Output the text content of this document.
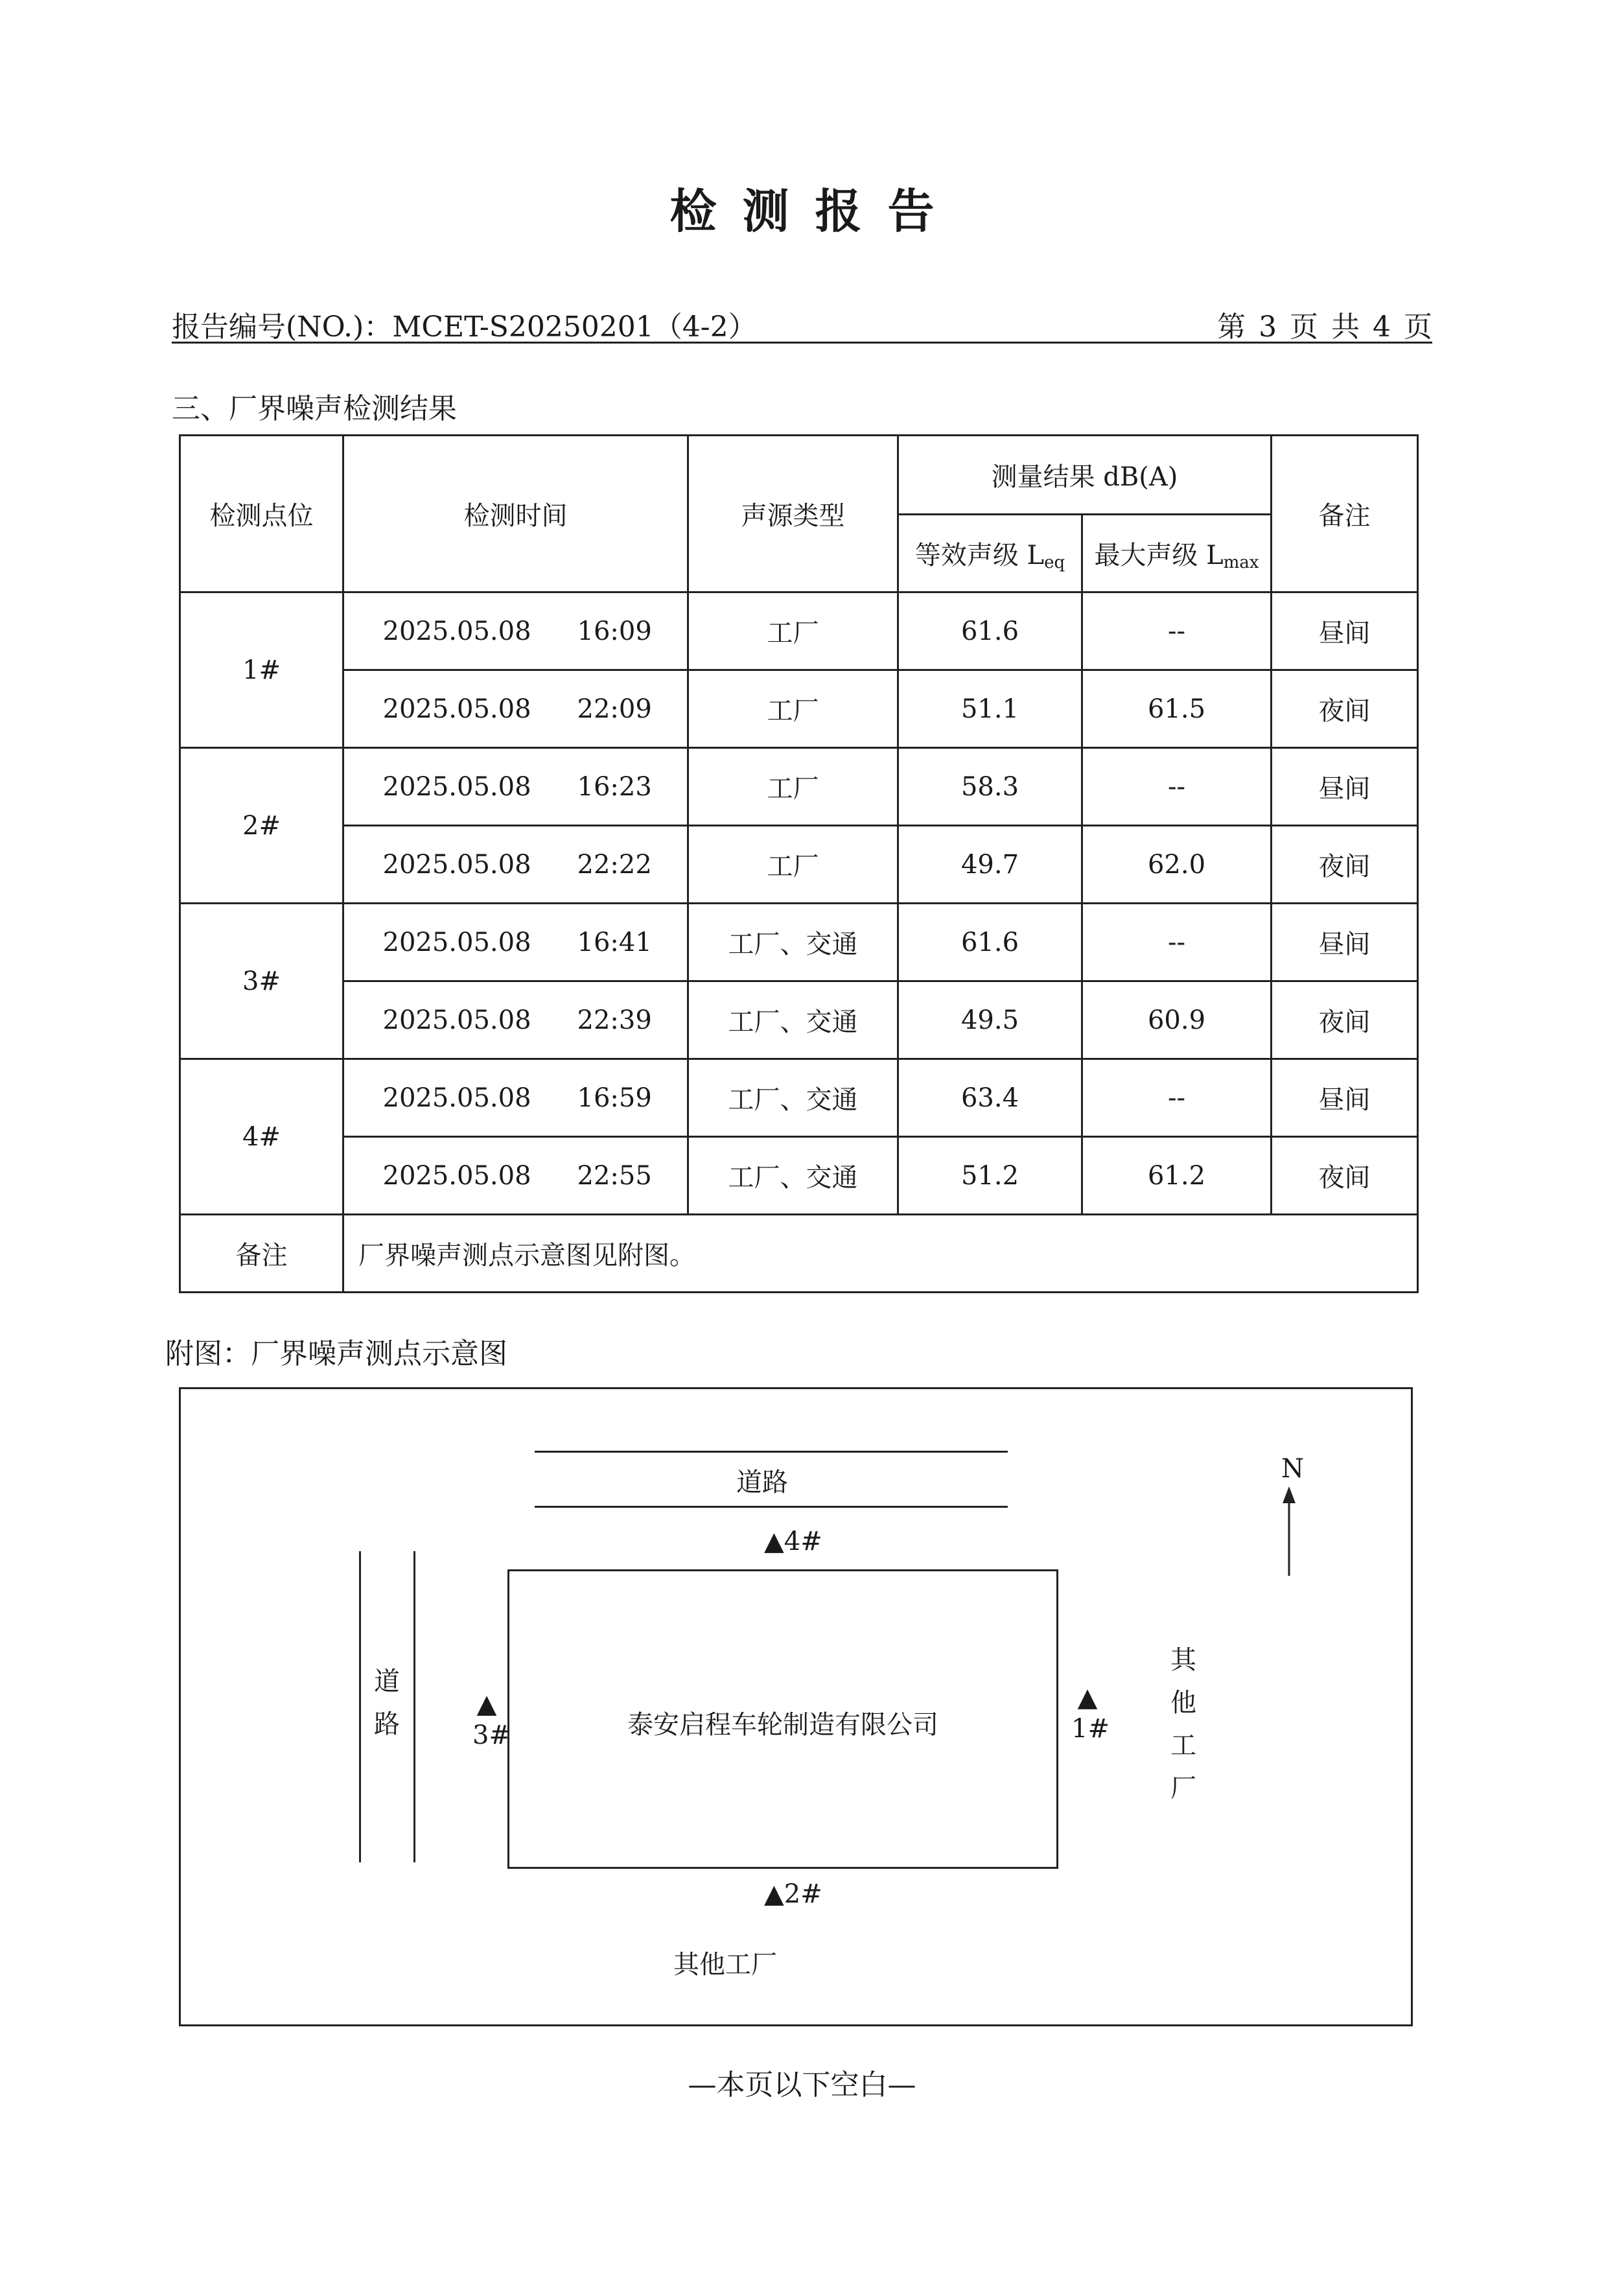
检测报告
报告编号(NO.)：MCET-S20250201（4-2）	第 3 页 共 4 页
三、厂界噪声检测结果
检测点位	检测时间	声源类型	测量结果 dB(A)		备注
			等效声级 $L_{eq}$	最大声级 $L_{max}$
1#	2025.05.08 16:09	工厂	61.6	--	昼间
	2025.05.08 22:09	工厂	51.1	61.5	夜间
2#	2025.05.08 16:23	工厂	58.3	--	昼间
	2025.05.08 22:22	工厂	49.7	62.0	夜间
3#	2025.05.08 16:41	工厂、交通	61.6	--	昼间
	2025.05.08 22:39	工厂、交通	49.5	60.9	夜间
4#	2025.05.08 16:59	工厂、交通	63.4	--	昼间
	2025.05.08 22:55	工厂、交通	51.2	61.2	夜间
备注	厂界噪声测点示意图见附图。				
附图：厂界噪声测点示意图
道路
道
路	泰安启程车轮制造有限公司
▲4#
▲2#
▲
3#
▲
1#
其
他
工
厂
其他工厂
N
—本页以下空白—
